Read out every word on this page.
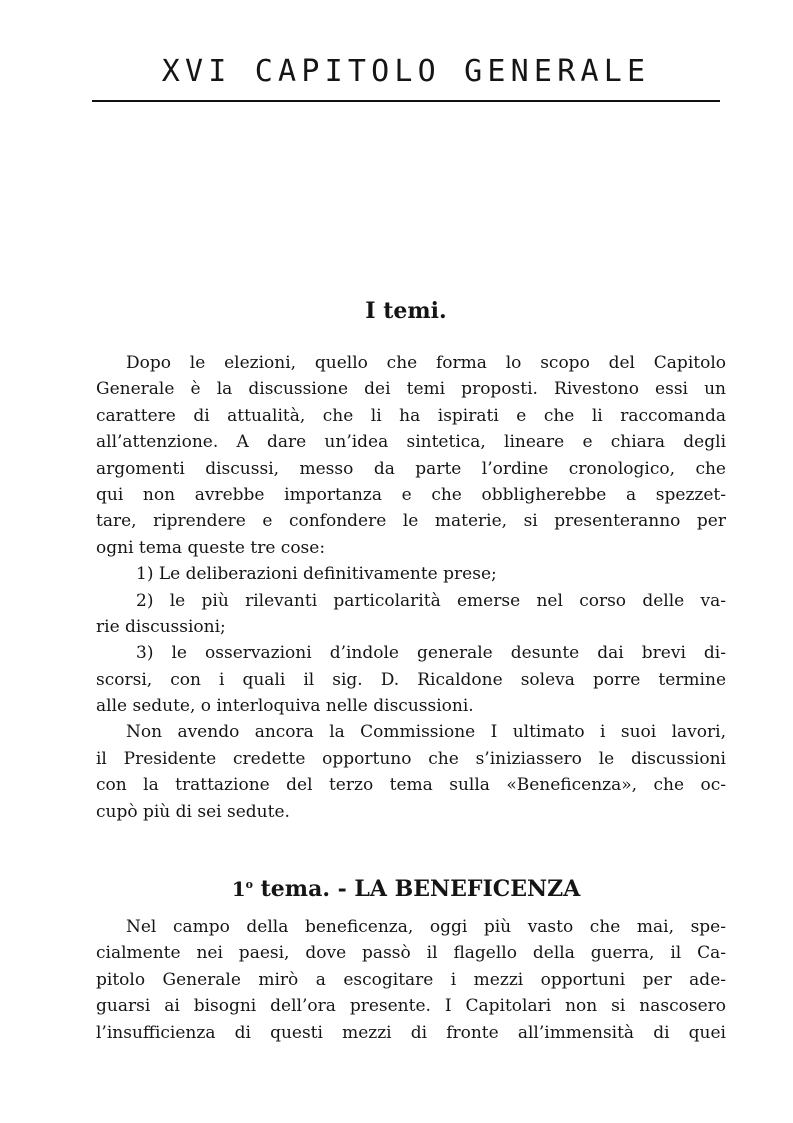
XVI CAPITOLO GENERALE
I temi.
Dopo le elezioni, quello che forma lo scopo del Capitolo
Generale è la discussione dei temi proposti. Rivestono essi un
carattere di attualità, che li ha ispirati e che li raccomanda
all’attenzione. A dare un’idea sintetica, lineare e chiara degli
argomenti discussi, messo da parte l’ordine cronologico, che
qui non avrebbe importanza e che obbligherebbe a spezzet-
tare, riprendere e confondere le materie, si presenteranno per
ogni tema queste tre cose:
1) Le deliberazioni definitivamente prese;
2) le più rilevanti particolarità emerse nel corso delle va-
rie discussioni;
3) le osservazioni d’indole generale desunte dai brevi di-
scorsi, con i quali il sig. D. Ricaldone soleva porre termine
alle sedute, o interloquiva nelle discussioni.
Non avendo ancora la Commissione I ultimato i suoi lavori,
il Presidente credette opportuno che s’iniziassero le discussioni
con la trattazione del terzo tema sulla «Beneficenza», che oc-
cupò più di sei sedute.
1$^o$ tema. - LA BENEFICENZA
Nel campo della beneficenza, oggi più vasto che mai, spe-
cialmente nei paesi, dove passò il flagello della guerra, il Ca-
pitolo Generale mirò a escogitare i mezzi opportuni per ade-
guarsi ai bisogni dell’ora presente. I Capitolari non si nascosero
l’insufficienza di questi mezzi di fronte all’immensità di quei
